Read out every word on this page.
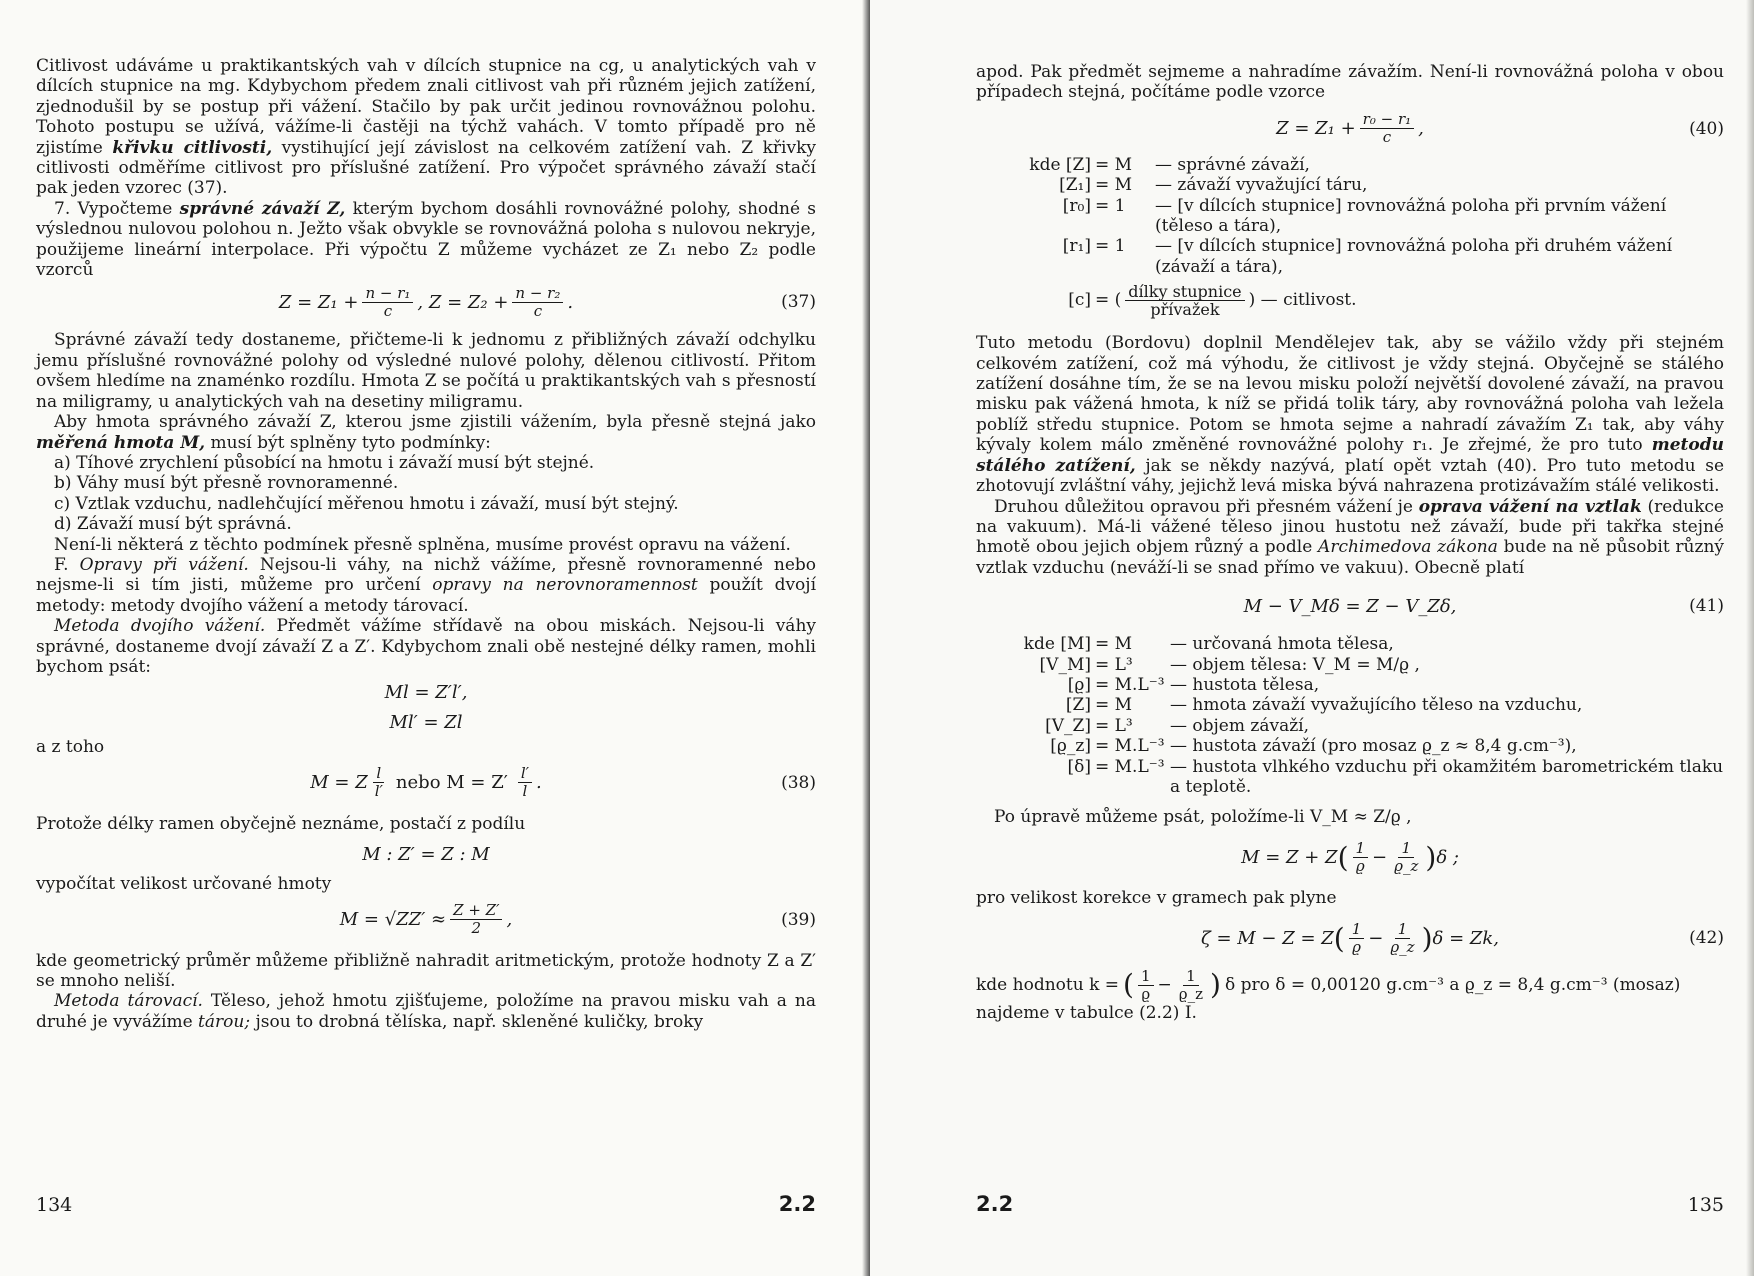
Citlivost udáváme u praktikantských vah v dílcích stupnice na cg, u analytických vah v dílcích stupnice na mg. Kdybychom předem znali citlivost vah při různém jejich zatížení, zjednodušil by se postup při vážení. Stačilo by pak určit jedinou rovnovážnou polohu. Tohoto postupu se užívá, vážíme-li častěji na týchž vahách. V tomto případě pro ně zjistíme křivku citlivosti, vystihující její závislost na celkovém zatížení vah. Z křivky citlivosti odměříme citlivost pro příslušné zatížení. Pro výpočet správného závaží stačí pak jeden vzorec (37).

7. Vypočteme správné závaží Z, kterým bychom dosáhli rovnovážné polohy, shodné s výslednou nulovou polohou n. Ježto však obvykle se rovnovážná poloha s nulovou nekryje, použijeme lineární interpolace. Při výpočtu Z můžeme vycházet ze Z₁ nebo Z₂ podle vzorců

$Z = Z_1 + \frac{\text{n − r₁}}{c}$ , $Z = Z_2 + \frac{\text{n − r₂}}{c}$ .	(37)

Správné závaží tedy dostaneme, přičteme-li k jednomu z přibližných závaží odchylku jemu příslušné rovnovážné polohy od výsledné nulové polohy, dělenou citlivostí. Přitom ovšem hledíme na znaménko rozdílu. Hmota Z se počítá u praktikantských vah s přesností na miligramy, u analytických vah na desetiny miligramu.

Aby hmota správného závaží Z, kterou jsme zjistili vážením, byla přesně stejná jako měřená hmota M, musí být splněny tyto podmínky:

a) Tíhové zrychlení působící na hmotu i závaží musí být stejné.
b) Váhy musí být přesně rovnoramenné.
c) Vztlak vzduchu, nadlehčující měřenou hmotu i závaží, musí být stejný.
d) Závaží musí být správná.

Není-li některá z těchto podmínek přesně splněna, musíme provést opravu na vážení.

F. Opravy při vážení. Nejsou-li váhy, na nichž vážíme, přesně rovnoramenné nebo nejsme-li si tím jisti, můžeme pro určení opravy na nerovnoramennost použít dvojí metody: metody dvojího vážení a metody tárovací.

Metoda dvojího vážení. Předmět vážíme střídavě na obou miskách. Nejsou-li váhy správné, dostaneme dvojí závaží Z a Z′. Kdybychom znali obě nestejné délky ramen, mohli bychom psát:

Ml = Z′l′,
Ml′ = Zl

a z toho

M = Z $\frac{l}{l'}$ nebo $M = Z' \frac{l'}{l}$ .	(38)

Protože délky ramen obyčejně neznáme, postačí z podílu

M : Z′ = Z : M

vypočítat velikost určované hmoty

$M = √ZZ' \approx \frac{Z + Z'}{2}$ ,	(39)

kde geometrický průměr můžeme přibližně nahradit aritmetickým, protože hodnoty Z a Z′ se mnoho neliší.

Metoda tárovací. Těleso, jehož hmotu zjišťujeme, položíme na pravou misku vah a na druhé je vyvážíme tárou; jsou to drobná tělíska, např. skleněné kuličky, broky

134	2.2

apod. Pak předmět sejmeme a nahradíme závažím. Není-li rovnovážná poloha v obou případech stejná, počítáme podle vzorce

$Z = Z_1 + \frac{\text{r₀ − r₁}}{c}$ ,	(40)
kde [Z] = M	— správné závaží,
[Z₁] = M	— závaží vyvažující táru,
[r₀] = 1	— [v dílcích stupnice] rovnovážná poloha při prvním vážení (těleso a tára),
[r₁] = 1	— [v dílcích stupnice] rovnovážná poloha při druhém vážení (závaží a tára),
[c] = ( $\frac{\text{dílky stupnice}}{\text{přívažek}}$ ) — citlivost.

Tuto metodu (Bordovu) doplnil Mendělejev tak, aby se vážilo vždy při stejném celkovém zatížení, což má výhodu, že citlivost je vždy stejná. Obyčejně se stálého zatížení dosáhne tím, že se na levou misku položí největší dovolené závaží, na pravou misku pak vážená hmota, k níž se přidá tolik táry, aby rovnovážná poloha vah ležela poblíž středu stupnice. Potom se hmota sejme a nahradí závažím Z₁ tak, aby váhy kývaly kolem málo změněné rovnovážné polohy r₁. Je zřejmé, že pro tuto metodu stálého zatížení, jak se někdy nazývá, platí opět vztah (40). Pro tuto metodu se zhotovují zvláštní váhy, jejichž levá miska bývá nahrazena protizávažím stálé velikosti.

Druhou důležitou opravou při přesném vážení je oprava vážení na vztlak (redukce na vakuum). Má-li vážené těleso jinou hustotu než závaží, bude při takřka stejné hmotě obou jejich objem různý a podle Archimedova zákona bude na ně působit různý vztlak vzduchu (neváží-li se snad přímo ve vakuu). Obecně platí

M − V_Mδ = Z − V_Zδ,	(41)
kde [M] = M	— určovaná hmota tělesa,
[V_M] = L³	— objem tělesa: V_M = M/ϱ ,
[ϱ] = M.L⁻³ — hustota tělesa,
[Z] = M	— hmota závaží vyvažujícího těleso na vzduchu,
[V_Z] = L³	— objem závaží,
[ϱ_z] = M.L⁻³ — hustota závaží (pro mosaz ϱ_z ≈ 8,4 g.cm⁻³),
[δ] = M.L⁻³ — hustota vlhkého vzduchu při okamžitém barometrickém tlaku a teplotě.

Po úpravě můžeme psát, položíme-li V_M ≈ Z/ϱ ,

M = Z + Z ( $\frac{1}{ϱ} - \frac{1}{ϱ\_z}$ ) δ ;

pro velikost korekce v gramech pak plyne

ζ = M − Z = Z ( $\frac{1}{ϱ} - \frac{1}{ϱ\_z}$ ) δ = Zk,	(42)

kde hodnotu k = ( $\frac{1}{ϱ} - \frac{1}{ϱ\_z}$ ) δ pro δ = 0,00120 g.cm⁻³ a ϱ_z = 8,4 g.cm⁻³ (mosaz)

najdeme v tabulce (2.2) I.

2.2	135
